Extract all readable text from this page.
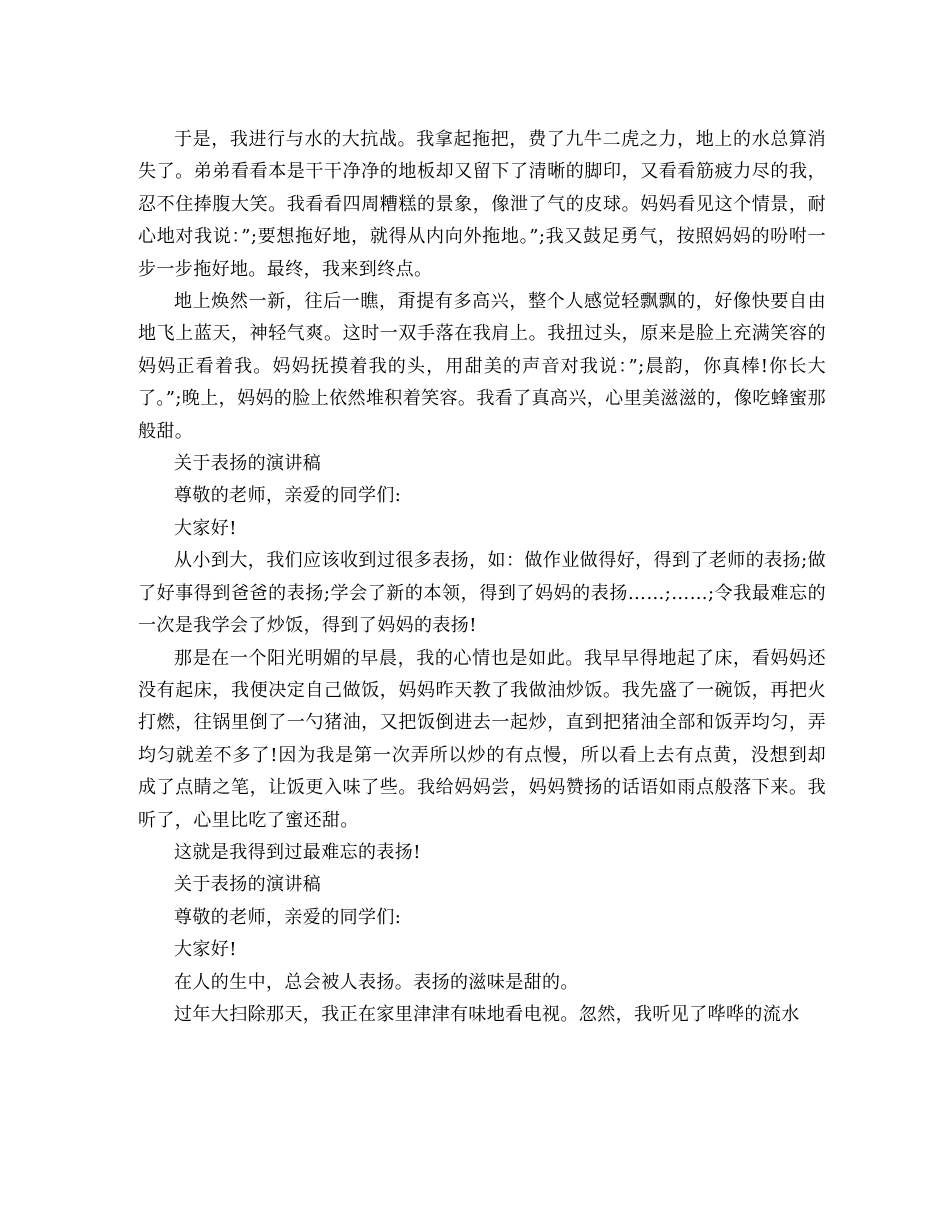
于是，我进行与水的大抗战。我拿起拖把，费了九牛二虎之力，地上的水总算消失了。弟弟看看本是干干净净的地板却又留下了清晰的脚印，又看看筋疲力尽的我，忍不住捧腹大笑。我看看四周糟糕的景象，像泄了气的皮球。妈妈看见这个情景，耐心地对我说：”;要想拖好地，就得从内向外拖地。”;我又鼓足勇气，按照妈妈的吩咐一步一步拖好地。最终，我来到终点。

地上焕然一新，往后一瞧，甭提有多高兴，整个人感觉轻飘飘的，好像快要自由地飞上蓝天，神轻气爽。这时一双手落在我肩上。我扭过头，原来是脸上充满笑容的妈妈正看着我。妈妈抚摸着我的头，用甜美的声音对我说：”;晨韵，你真棒!你长大了。”;晚上，妈妈的脸上依然堆积着笑容。我看了真高兴，心里美滋滋的，像吃蜂蜜那般甜。

关于表扬的演讲稿

尊敬的老师，亲爱的同学们:

大家好!

从小到大，我们应该收到过很多表扬，如：做作业做得好，得到了老师的表扬;做了好事得到爸爸的表扬;学会了新的本领，得到了妈妈的表扬……;……;令我最难忘的一次是我学会了炒饭，得到了妈妈的表扬!

那是在一个阳光明媚的早晨，我的心情也是如此。我早早得地起了床，看妈妈还没有起床，我便决定自己做饭，妈妈昨天教了我做油炒饭。我先盛了一碗饭，再把火打燃，往锅里倒了一勺猪油，又把饭倒进去一起炒，直到把猪油全部和饭弄均匀，弄均匀就差不多了!因为我是第一次弄所以炒的有点慢，所以看上去有点黄，没想到却成了点睛之笔，让饭更入味了些。我给妈妈尝，妈妈赞扬的话语如雨点般落下来。我听了，心里比吃了蜜还甜。

这就是我得到过最难忘的表扬!

关于表扬的演讲稿

尊敬的老师，亲爱的同学们:

大家好!

在人的生中，总会被人表扬。表扬的滋味是甜的。

过年大扫除那天，我正在家里津津有味地看电视。忽然，我听见了哗哗的流水
